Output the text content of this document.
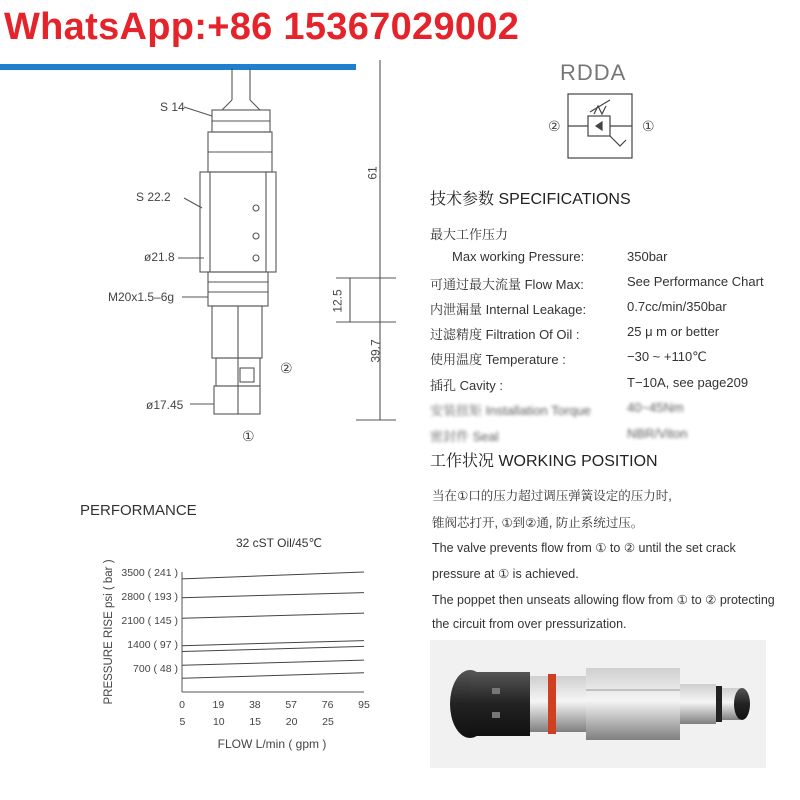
WhatsApp:+86 15367029002
S 14
S 22.2
ø21.8
M20x1.5–6g
ø17.45
61
12.5
39.7
②
①
RDDA
②	①
技术参数 SPECIFICATIONS
最大工作压力
Max working Pressure:	350bar
可通过最大流量 Flow Max:	See Performance Chart
内泄漏量 Internal Leakage:	0.7cc/min/350bar
过滤精度 Filtration Of Oil :	25 μ m or better
使用温度 Temperature :	−30 ~ +110℃
插孔 Cavity :	T−10A, see page209
安装扭矩 Installation Torque	40~45Nm
密封件 Seal	NBR/Viton
工作状况 WORKING POSITION
当在①口的压力超过调压弹簧设定的压力时,
锥阀芯打开, ①到②通, 防止系统过压。
The valve prevents flow from ① to ② until the set crack
pressure at ① is achieved.
The poppet then unseats allowing flow from ① to ② protecting
the circuit from over pressurization.
PERFORMANCE
32 cST Oil/45℃
700 ( 48 )
1400 ( 97 )
2100 ( 145 )
2800 ( 193 )
3500 ( 241 )
0	19 38 57 76 95
5	10 15 20 25
FLOW L/min ( gpm )
PRESSURE RISE psi ( bar )
